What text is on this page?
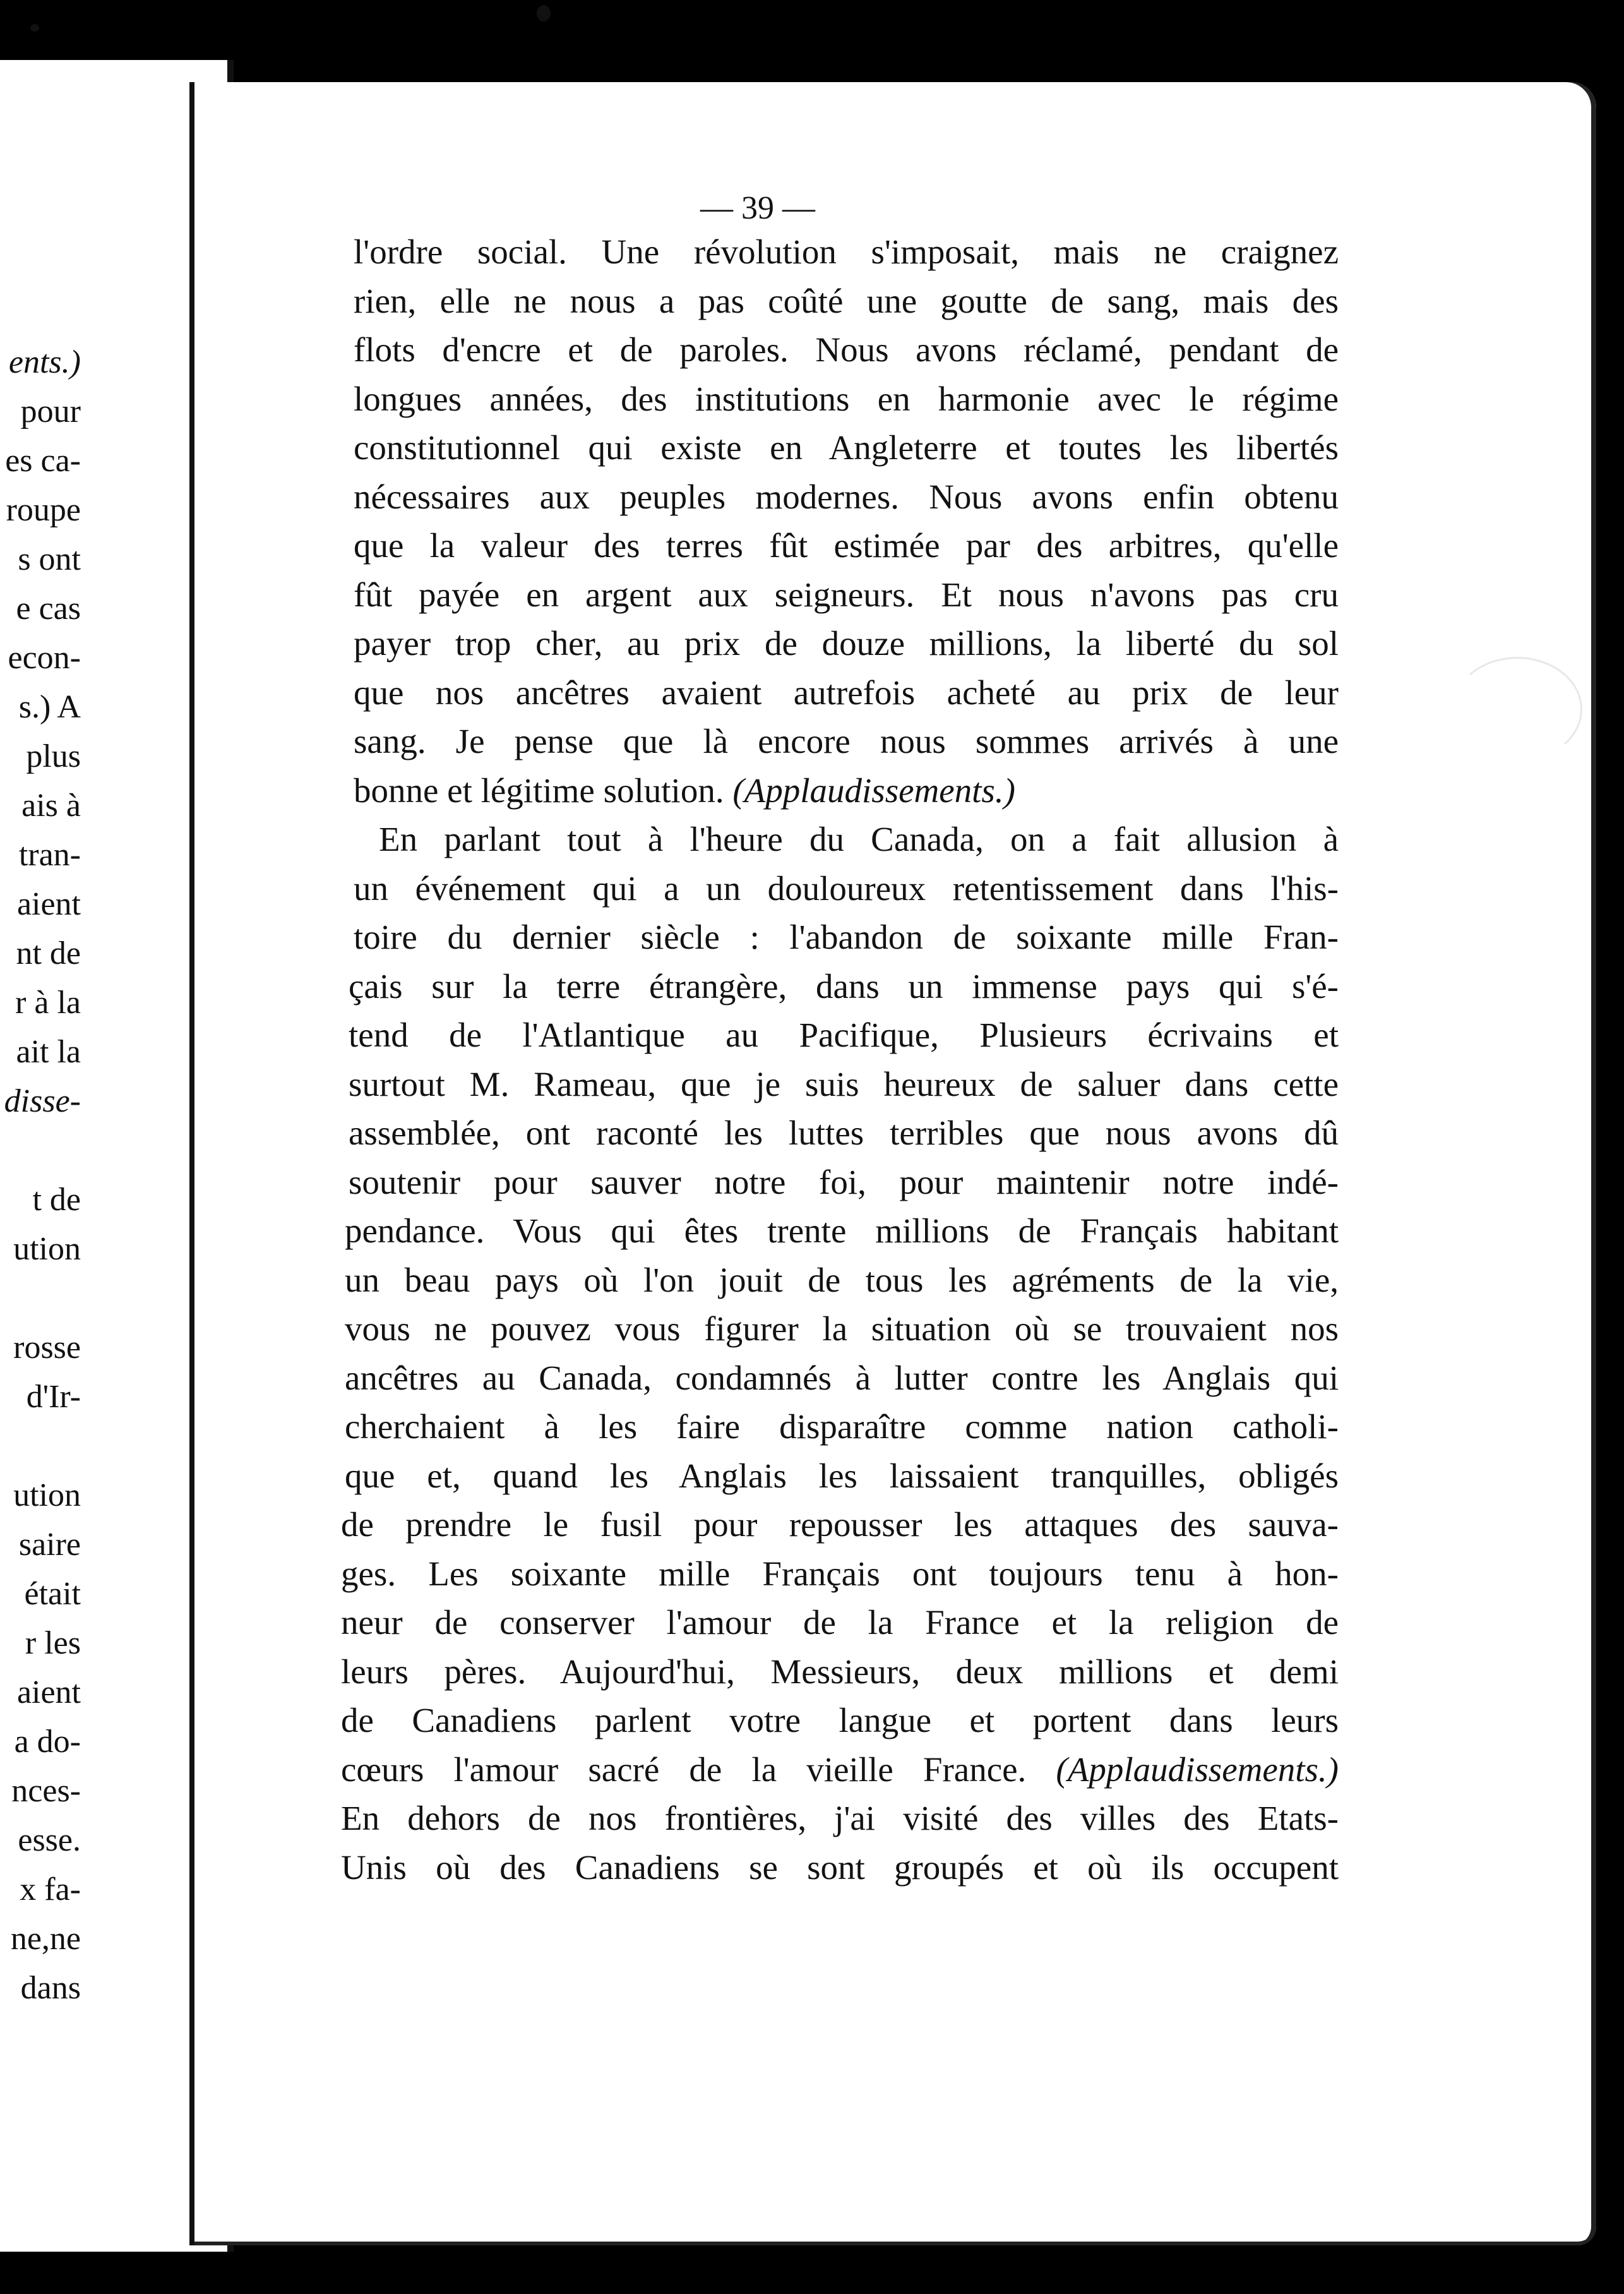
ents.)
pour
es ca-
roupe
s ont
e cas
econ-
s.) A
plus
ais à
tran-
aient
nt de
r à la
ait la
disse-
t de
ution
rosse
d'Ir-
ution
saire
était
r les
aient
a do-
nces-
esse.
x fa-
ne,ne
dans
— 39 —
l'ordre social. Une révolution s'imposait, mais ne craignez
rien, elle ne nous a pas coûté une goutte de sang, mais des
flots d'encre et de paroles. Nous avons réclamé, pendant de
longues années, des institutions en harmonie avec le régime
constitutionnel qui existe en Angleterre et toutes les libertés
nécessaires aux peuples modernes. Nous avons enfin obtenu
que la valeur des terres fût estimée par des arbitres, qu'elle
fût payée en argent aux seigneurs. Et nous n'avons pas cru
payer trop cher, au prix de douze millions, la liberté du sol
que nos ancêtres avaient autrefois acheté au prix de leur
sang. Je pense que là encore nous sommes arrivés à une
bonne et légitime solution. (Applaudissements.)
En parlant tout à l'heure du Canada, on a fait allusion à
un événement qui a un douloureux retentissement dans l'his-
toire du dernier siècle : l'abandon de soixante mille Fran-
çais sur la terre étrangère, dans un immense pays qui s'é-
tend de l'Atlantique au Pacifique, Plusieurs écrivains et
surtout M. Rameau, que je suis heureux de saluer dans cette
assemblée, ont raconté les luttes terribles que nous avons dû
soutenir pour sauver notre foi, pour maintenir notre indé-
pendance. Vous qui êtes trente millions de Français habitant
un beau pays où l'on jouit de tous les agréments de la vie,
vous ne pouvez vous figurer la situation où se trouvaient nos
ancêtres au Canada, condamnés à lutter contre les Anglais qui
cherchaient à les faire disparaître comme nation catholi-
que et, quand les Anglais les laissaient tranquilles, obligés
de prendre le fusil pour repousser les attaques des sauva-
ges. Les soixante mille Français ont toujours tenu à hon-
neur de conserver l'amour de la France et la religion de
leurs pères. Aujourd'hui, Messieurs, deux millions et demi
de Canadiens parlent votre langue et portent dans leurs
cœurs l'amour sacré de la vieille France. (Applaudissements.)
En dehors de nos frontières, j'ai visité des villes des Etats-
Unis où des Canadiens se sont groupés et où ils occupent
